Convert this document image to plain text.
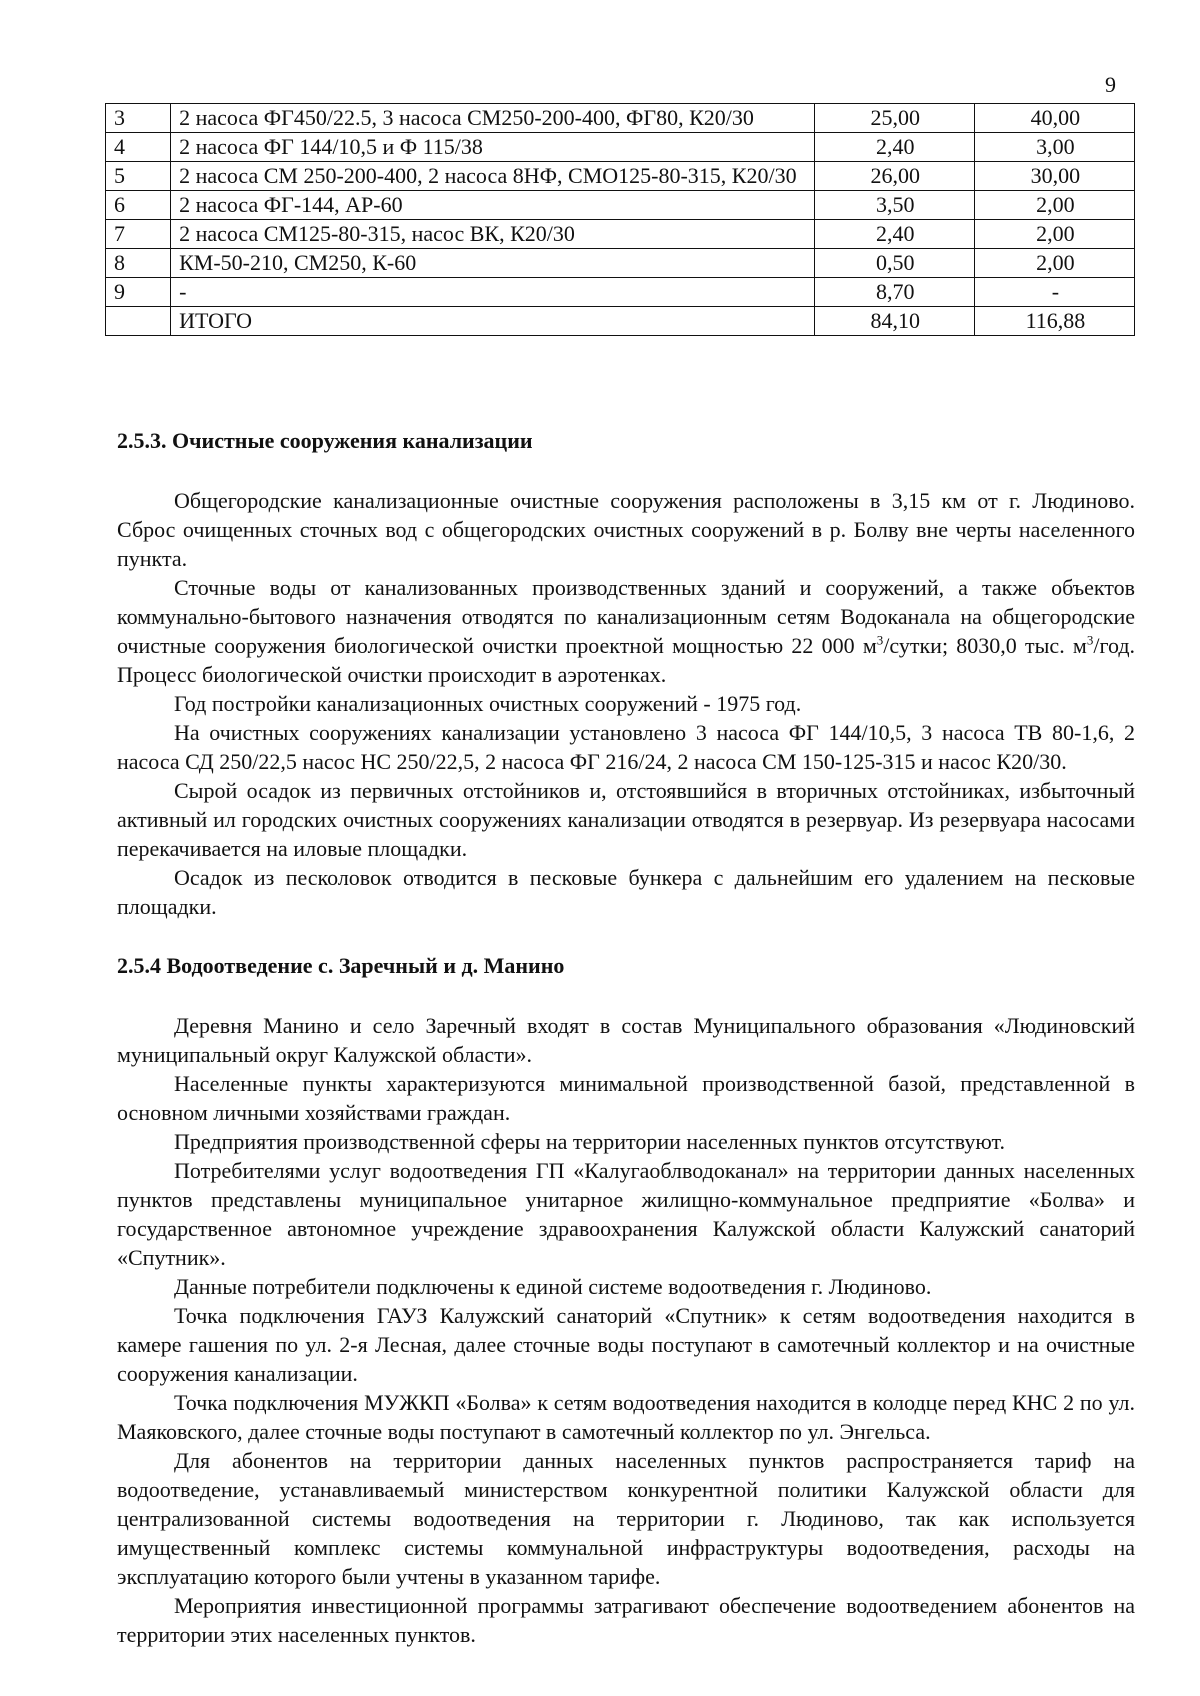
9
3	2 насоса ФГ450/22.5, 3 насоса СМ250-200-400, ФГ80, К20/30	25,00	40,00
4	2 насоса ФГ 144/10,5 и Ф 115/38	2,40	3,00
5	2 насоса СМ 250-200-400, 2 насоса 8НФ, СМО125-80-315, К20/30	26,00	30,00
6	2 насоса ФГ-144, АР-60	3,50	2,00
7	2 насоса СМ125-80-315, насос ВК, К20/30	2,40	2,00
8	КМ-50-210, СМ250, К-60	0,50	2,00
9	-	8,70	-
	ИТОГО	84,10	116,88
2.5.3. Очистные сооружения канализации

Общегородские канализационные очистные сооружения расположены в 3,15 км от г. Людиново. Сброс очищенных сточных вод с общегородских очистных сооружений в р. Болву вне черты населенного пункта.

Сточные воды от канализованных производственных зданий и сооружений, а также объектов коммунально-бытового назначения отводятся по канализационным сетям Водоканала на общегородские очистные сооружения биологической очистки проектной мощностью 22 000 $м^3$/сутки; 8030,0 тыс. $м^3$/год. Процесс биологической очистки происходит в аэротенках.

Год постройки канализационных очистных сооружений - 1975 год.

На очистных сооружениях канализации установлено 3 насоса ФГ 144/10,5, 3 насоса ТВ 80-1,6, 2 насоса СД 250/22,5 насос НС 250/22,5, 2 насоса ФГ 216/24, 2 насоса СМ 150-125-315 и насос К20/30.

Сырой осадок из первичных отстойников и, отстоявшийся в вторичных отстойниках, избыточный активный ил городских очистных сооружениях канализации отводятся в резервуар. Из резервуара насосами перекачивается на иловые площадки.

Осадок из песколовок отводится в песковые бункера с дальнейшим его удалением на песковые площадки.

2.5.4 Водоотведение с. Заречный и д. Манино

Деревня Манино и село Заречный входят в состав Муниципального образования «Людиновский муниципальный округ Калужской области».

Населенные пункты характеризуются минимальной производственной базой, представленной в основном личными хозяйствами граждан.

Предприятия производственной сферы на территории населенных пунктов отсутствуют.

Потребителями услуг водоотведения ГП «Калугаоблводоканал» на территории данных населенных пунктов представлены муниципальное унитарное жилищно-коммунальное предприятие «Болва» и государственное автономное учреждение здравоохранения Калужской области Калужский санаторий «Спутник».

Данные потребители подключены к единой системе водоотведения г. Людиново.

Точка подключения ГАУЗ Калужский санаторий «Спутник» к сетям водоотведения находится в камере гашения по ул. 2-я Лесная, далее сточные воды поступают в самотечный коллектор и на очистные сооружения канализации.

Точка подключения МУЖКП «Болва» к сетям водоотведения находится в колодце перед КНС 2 по ул. Маяковского, далее сточные воды поступают в самотечный коллектор по ул. Энгельса.

Для абонентов на территории данных населенных пунктов распространяется тариф на водоотведение, устанавливаемый министерством конкурентной политики Калужской области для централизованной системы водоотведения на территории г. Людиново, так как используется имущественный комплекс системы коммунальной инфраструктуры водоотведения, расходы на эксплуатацию которого были учтены в указанном тарифе.

Мероприятия инвестиционной программы затрагивают обеспечение водоотведением абонентов на территории этих населенных пунктов.
